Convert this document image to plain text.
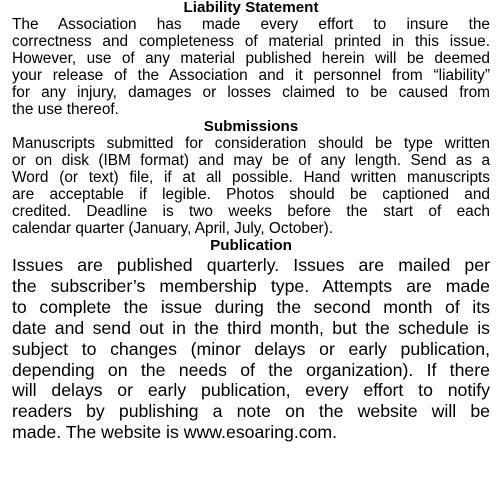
Liability Statement

The Association has made every effort to insure the
correctness and completeness of material printed in this issue.
However, use of any material published herein will be deemed
your release of the Association and it personnel from “liability”
for any injury, damages or losses claimed to be caused from
the use thereof.

Submissions

Manuscripts submitted for consideration should be type written
or on disk (IBM format) and may be of any length. Send as a
Word (or text) file, if at all possible. Hand written manuscripts
are acceptable if legible. Photos should be captioned and
credited. Deadline is two weeks before the start of each
calendar quarter (January, April, July, October).

Publication

Issues are published quarterly. Issues are mailed per
the subscriber’s membership type. Attempts are made
to complete the issue during the second month of its
date and send out in the third month, but the schedule is
subject to changes (minor delays or early publication,
depending on the needs of the organization). If there
will delays or early publication, every effort to notify
readers by publishing a note on the website will be
made. The website is www.esoaring.com.
